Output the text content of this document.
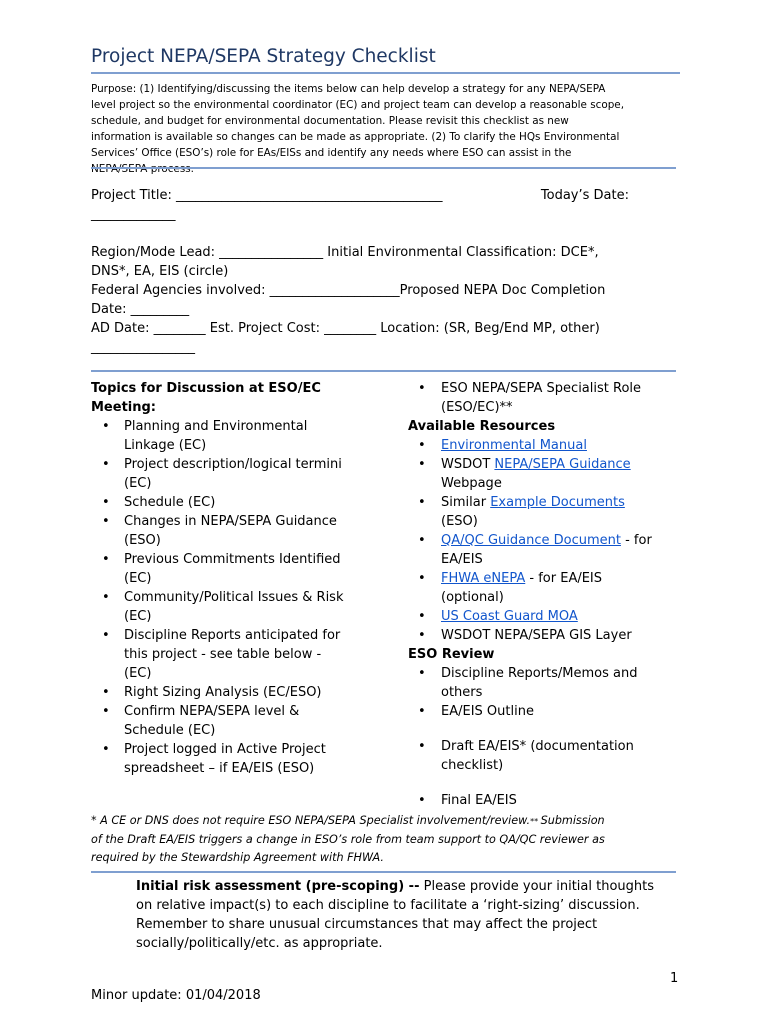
Project NEPA/SEPA Strategy Checklist
Purpose: (1) Identifying/discussing the items below can help develop a strategy for any NEPA/SEPA
level project so the environmental coordinator (EC) and project team can develop a reasonable scope,
schedule, and budget for environmental documentation. Please revisit this checklist as new
information is available so changes can be made as appropriate. (2) To clarify the HQs Environmental
Services’ Office (ESO’s) role for EAs/EISs and identify any needs where ESO can assist in the
Project Title: _________________________________________	Today’s Date:
_____________
Region/Mode Lead: ________________ Initial Environmental Classification: DCE*,
DNS*, EA, EIS (circle)
Federal Agencies involved: ____________________Proposed NEPA Doc Completion
Date: _________
AD Date: ________ Est. Project Cost: ________ Location: (SR, Beg/End MP, other)
________________
Topics for Discussion at ESO/EC
Meeting:
• Planning and Environmental
Linkage (EC)
• Project description/logical termini
(EC)
• Schedule (EC)
• Changes in NEPA/SEPA Guidance
(ESO)
• Previous Commitments Identified
(EC)
• Community/Political Issues & Risk
(EC)
• Discipline Reports anticipated for
this project - see table below -
(EC)
• Right Sizing Analysis (EC/ESO)
• Confirm NEPA/SEPA level &
Schedule (EC)
• Project logged in Active Project
spreadsheet – if EA/EIS (ESO)
• ESO NEPA/SEPA Specialist Role
(ESO/EC)**
Available Resources
• Environmental Manual
• WSDOT NEPA/SEPA Guidance
Webpage
• Similar Example Documents
(ESO)
• QA/QC Guidance Document - for
EA/EIS
• FHWA eNEPA - for EA/EIS
(optional)
• US Coast Guard MOA
• WSDOT NEPA/SEPA GIS Layer
ESO Review
• Discipline Reports/Memos and
others
• EA/EIS Outline
• Draft EA/EIS* (documentation
checklist)
• Final EA/EIS
* A CE or DNS does not require ESO NEPA/SEPA Specialist involvement/review.** Submission
of the Draft EA/EIS triggers a change in ESO’s role from team support to QA/QC reviewer as
required by the Stewardship Agreement with FHWA.
Initial risk assessment (pre-scoping) -- Please provide your initial thoughts
on relative impact(s) to each discipline to facilitate a ‘right-sizing’ discussion.
Remember to share unusual circumstances that may affect the project
socially/politically/etc. as appropriate.
1
Minor update: 01/04/2018
